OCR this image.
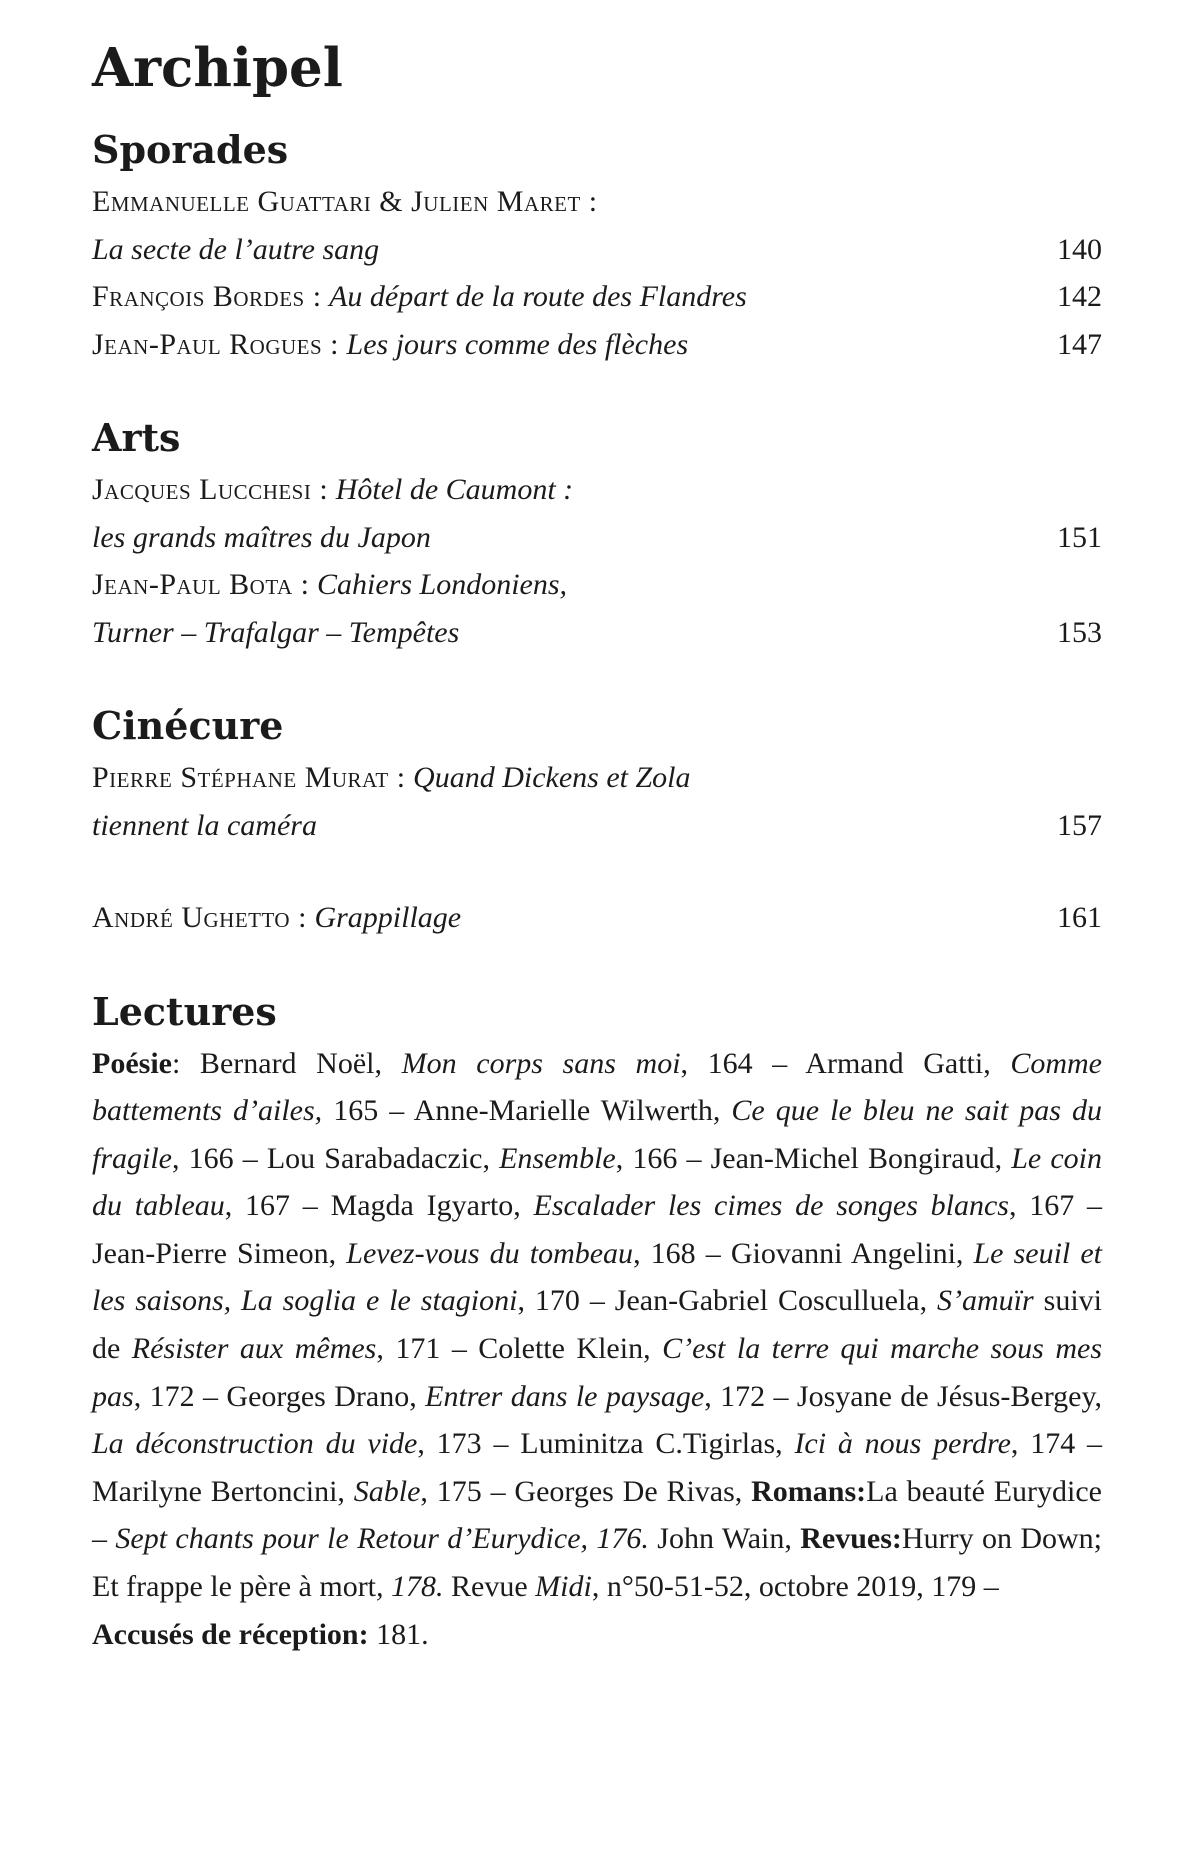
Archipel
Sporades
Emmanuelle Guattari & Julien Maret :
La secte de l’autre sang	140
François Bordes : Au départ de la route des Flandres	142
Jean-Paul Rogues : Les jours comme des flèches	147
Arts
Jacques Lucchesi : Hôtel de Caumont :
les grands maîtres du Japon	151
Jean-Paul Bota : Cahiers Londoniens,
Turner – Trafalgar – Tempêtes	153
Cinécure
Pierre Stéphane Murat : Quand Dickens et Zola
tiennent la caméra	157
André Ughetto : Grappillage	161
Lectures

Poésie: Bernard Noël, Mon corps sans moi, 164 – Armand Gatti, Comme battements d’ailes, 165 – Anne-Marielle Wilwerth, Ce que le bleu ne sait pas du fragile, 166 – Lou Sarabadaczic, Ensemble, 166 – Jean-Michel Bongiraud, Le coin du tableau, 167 – Magda Igyarto, Escalader les cimes de songes blancs, 167 – Jean-Pierre Simeon, Levez-vous du tombeau, 168 – Giovanni Angelini, Le seuil et les saisons, La soglia e le stagioni, 170 – Jean-Gabriel Cosculluela, S’amuïr suivi de Résister aux mêmes, 171 – Colette Klein, C’est la terre qui marche sous mes pas, 172 – Georges Drano, Entrer dans le paysage, 172 – Josyane de Jésus-Bergey, La déconstruction du vide, 173 – Luminitza C.Tigirlas, Ici à nous perdre, 174 – Marilyne Bertoncini, Sable, 175 – Georges De Rivas, Romans:La beauté Eurydice – Sept chants pour le Retour d’Eurydice, 176. John Wain, Revues:Hurry on Down; Et frappe le père à mort, 178. Revue Midi, n°50-51-52, octobre 2019, 179 –

Accusés de réception: 181.
